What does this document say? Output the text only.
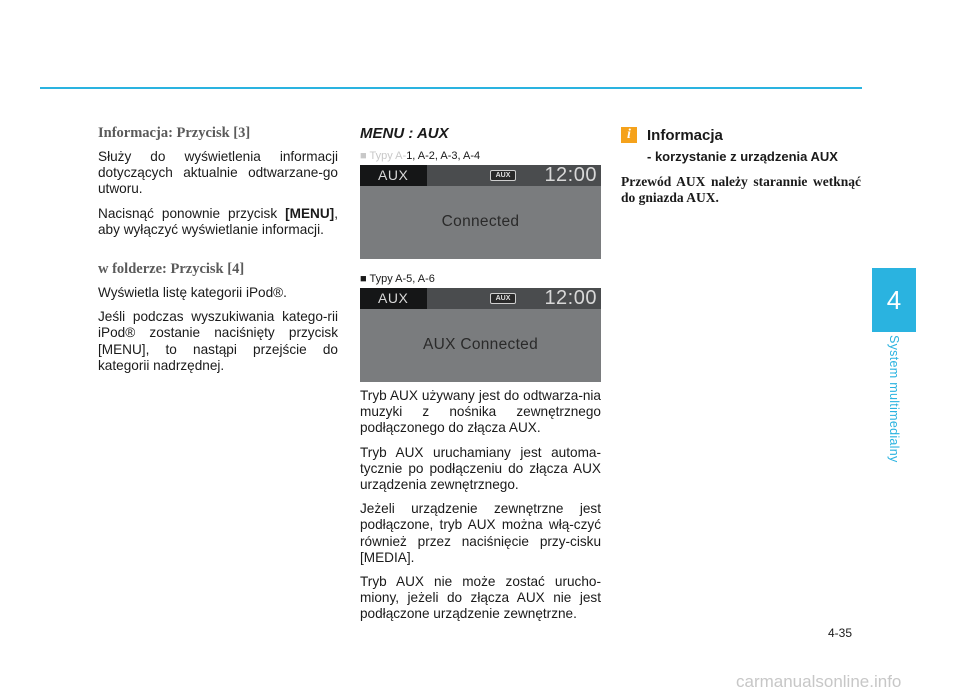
4
System multimedialny
Informacja: Przycisk [3]

Służy do wyświetlenia informacji dotyczących aktualnie odtwarzane-go utworu.

Nacisnąć ponownie przycisk [MENU], aby wyłączyć wyświetlanie informacji.

w folderze: Przycisk [4]

Wyświetla listę kategorii iPod®.

Jeśli podczas wyszukiwania katego-rii iPod® zostanie naciśnięty przycisk [MENU], to nastąpi przejście do kategorii nadrzędnej.

MENU : AUX
■ Typy A-1, A-2, A-3, A-4
AUX	AUX 12:00
Connected
■ Typy A-5, A-6
AUX	AUX 12:00
AUX Connected

Tryb AUX używany jest do odtwarza-nia muzyki z nośnika zewnętrznego podłączonego do złącza AUX.

Tryb AUX uruchamiany jest automa-tycznie po podłączeniu do złącza AUX urządzenia zewnętrznego.

Jeżeli urządzenie zewnętrzne jest podłączone, tryb AUX można włą-czyć również przez naciśnięcie przy-cisku [MEDIA].

Tryb AUX nie może zostać urucho-miony, jeżeli do złącza AUX nie jest podłączone urządzenie zewnętrzne.

i	Informacja
- korzystanie z urządzenia AUX
Przewód AUX należy starannie wetknąć do gniazda AUX.
4-35
carmanualsonline.info
